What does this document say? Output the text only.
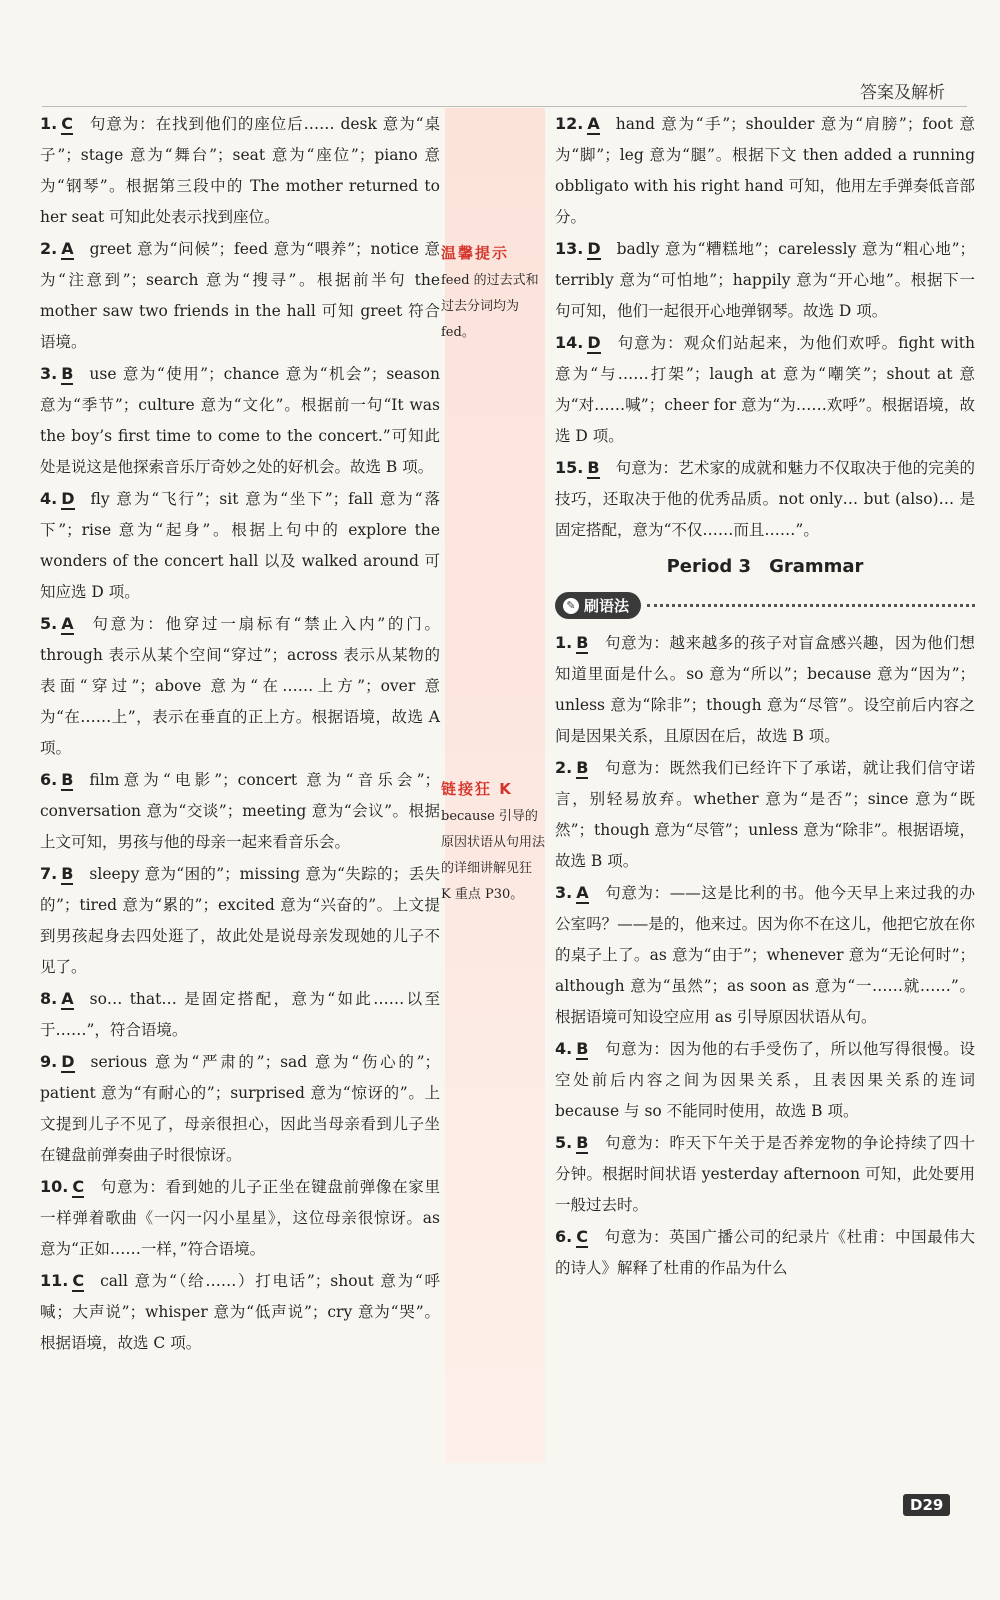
答案及解析
1. C 句意为：在找到他们的座位后…… desk 意为“桌子”；stage 意为“舞台”；seat 意为“座位”；piano 意为“钢琴”。根据第三段中的 The mother returned to her seat 可知此处表示找到座位。
2. A greet 意为“问候”；feed 意为“喂养”；notice 意为“注意到”；search 意为“搜寻”。根据前半句 the mother saw two friends in the hall 可知 greet 符合语境。
3. B use 意为“使用”；chance 意为“机会”；season 意为“季节”；culture 意为“文化”。根据前一句“It was the boy’s first time to come to the concert.”可知此处是说这是他探索音乐厅奇妙之处的好机会。故选 B 项。
4. D fly 意为“飞行”；sit 意为“坐下”；fall 意为“落下”；rise 意为“起身”。根据上句中的 explore the wonders of the concert hall 以及 walked around 可知应选 D 项。
5. A 句意为：他穿过一扇标有“禁止入内”的门。through 表示从某个空间“穿过”；across 表示从某物的表面“穿过”；above 意为“在……上方”；over 意为“在……上”，表示在垂直的正上方。根据语境，故选 A 项。
6. B film意为“电影”；concert 意为“音乐会”；conversation 意为“交谈”；meeting 意为“会议”。根据上文可知，男孩与他的母亲一起来看音乐会。
7. B sleepy 意为“困的”；missing 意为“失踪的；丢失的”；tired 意为“累的”；excited 意为“兴奋的”。上文提到男孩起身去四处逛了，故此处是说母亲发现她的儿子不见了。
8. A so… that… 是固定搭配，意为“如此……以至于……”，符合语境。
9. D serious 意为“严肃的”；sad 意为“伤心的”；patient 意为“有耐心的”；surprised 意为“惊讶的”。上文提到儿子不见了，母亲很担心，因此当母亲看到儿子坐在键盘前弹奏曲子时很惊讶。
10. C 句意为：看到她的儿子正坐在键盘前弹像在家里一样弹着歌曲《一闪一闪小星星》，这位母亲很惊讶。as 意为“正如……一样，”符合语境。
11. C call 意为“（给……）打电话”；shout 意为“呼喊；大声说”；whisper 意为“低声说”；cry 意为“哭”。根据语境，故选 C 项。
温馨提示
feed 的过去式和过去分词均为 fed。
链接狂 K
because 引导的原因状语从句用法的详细讲解见狂 K 重点 P30。
12. A hand 意为“手”；shoulder 意为“肩膀”；foot 意为“脚”；leg 意为“腿”。根据下文 then added a running obbligato with his right hand 可知，他用左手弹奏低音部分。
13. D badly 意为“糟糕地”；carelessly 意为“粗心地”；terribly 意为“可怕地”；happily 意为“开心地”。根据下一句可知，他们一起很开心地弹钢琴。故选 D 项。
14. D 句意为：观众们站起来，为他们欢呼。fight with 意为“与……打架”；laugh at 意为“嘲笑”；shout at 意为“对……喊”；cheer for 意为“为……欢呼”。根据语境，故选 D 项。
15. B 句意为：艺术家的成就和魅力不仅取决于他的完美的技巧，还取决于他的优秀品质。not only… but (also)… 是固定搭配，意为“不仅……而且……”。
Period 3　Grammar
✎ 刷语法
1. B 句意为：越来越多的孩子对盲盒感兴趣，因为他们想知道里面是什么。so 意为“所以”；because 意为“因为”；unless 意为“除非”；though 意为“尽管”。设空前后内容之间是因果关系，且原因在后，故选 B 项。
2. B 句意为：既然我们已经许下了承诺，就让我们信守诺言，别轻易放弃。whether 意为“是否”；since 意为“既然”；though 意为“尽管”；unless 意为“除非”。根据语境，故选 B 项。
3. A 句意为：——这是比利的书。他今天早上来过我的办公室吗？——是的，他来过。因为你不在这儿，他把它放在你的桌子上了。as 意为“由于”；whenever 意为“无论何时”；although 意为“虽然”；as soon as 意为“一……就……”。根据语境可知设空应用 as 引导原因状语从句。
4. B 句意为：因为他的右手受伤了，所以他写得很慢。设空处前后内容之间为因果关系，且表因果关系的连词 because 与 so 不能同时使用，故选 B 项。
5. B 句意为：昨天下午关于是否养宠物的争论持续了四十分钟。根据时间状语 yesterday afternoon 可知，此处要用一般过去时。
6. C 句意为：英国广播公司的纪录片《杜甫：中国最伟大的诗人》解释了杜甫的作品为什么
D29
